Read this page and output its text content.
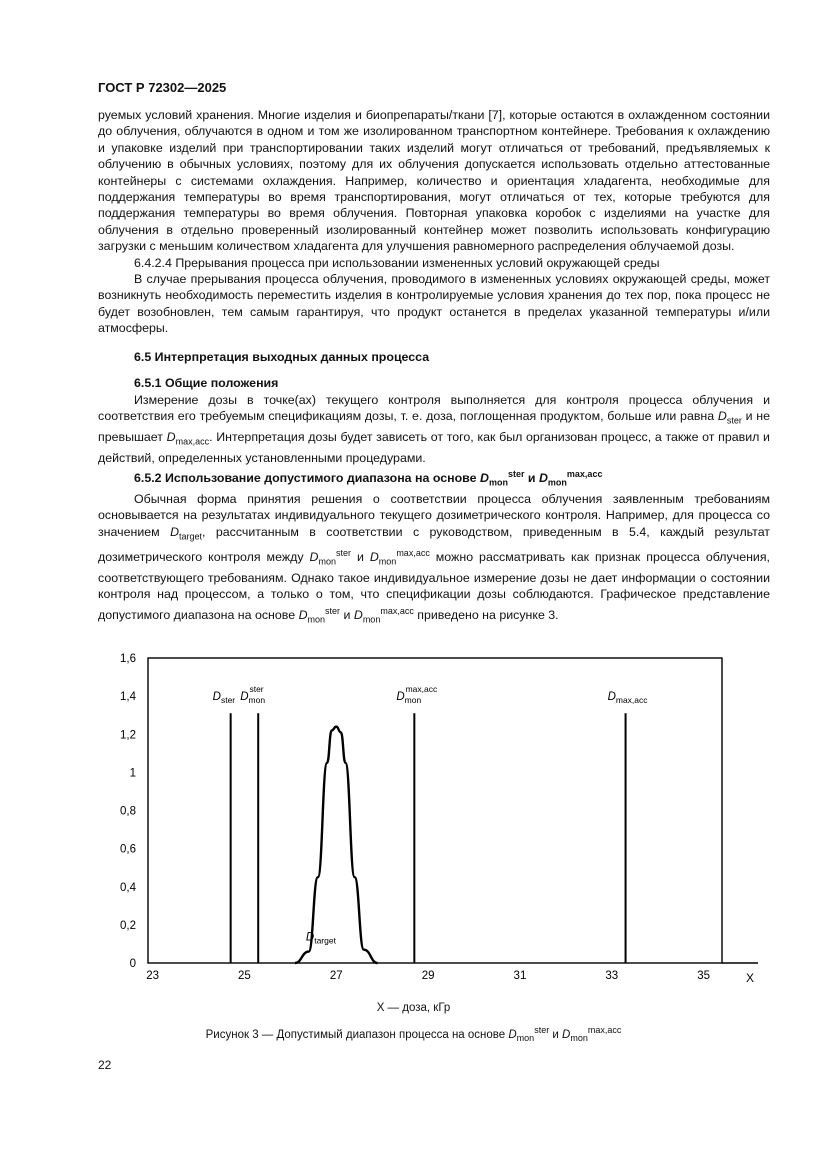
ГОСТ Р 72302—2025

руемых условий хранения. Многие изделия и биопрепараты/ткани [7], которые остаются в охлажденном состоянии до облучения, облучаются в одном и том же изолированном транспортном контейнере. Требования к охлаждению и упаковке изделий при транспортировании таких изделий могут отличаться от требований, предъявляемых к облучению в обычных условиях, поэтому для их облучения допускается использовать отдельно аттестованные контейнеры с системами охлаждения. Например, количество и ориентация хладагента, необходимые для поддержания температуры во время транспортирования, могут отличаться от тех, которые требуются для поддержания температуры во время облучения. Повторная упаковка коробок с изделиями на участке для облучения в отдельно проверенный изолированный контейнер может позволить использовать конфигурацию загрузки с меньшим количеством хладагента для улучшения равномерного распределения облучаемой дозы.

6.4.2.4 Прерывания процесса при использовании измененных условий окружающей среды

В случае прерывания процесса облучения, проводимого в измененных условиях окружающей среды, может возникнуть необходимость переместить изделия в контролируемые условия хранения до тех пор, пока процесс не будет возобновлен, тем самым гарантируя, что продукт останется в пределах указанной температуры и/или атмосферы.

6.5 Интерпретация выходных данных процесса

6.5.1 Общие положения

Измерение дозы в точке(ах) текущего контроля выполняется для контроля процесса облучения и соответствия его требуемым спецификациям дозы, т. е. доза, поглощенная продуктом, больше или равна $D_{ster}$ и не превышает $D_{max,acc}$. Интерпретация дозы будет зависеть от того, как был организован процесс, а также от правил и действий, определенных установленными процедурами.

6.5.2 Использование допустимого диапазона на основе $D_{mon}^{ster}$ и $D_{mon}^{max,acc}$

Обычная форма принятия решения о соответствии процесса облучения заявленным требованиям основывается на результатах индивидуального текущего дозиметрического контроля. Например, для процесса со значением $D_{target}$, рассчитанным в соответствии с руководством, приведенным в 5.4, каждый результат дозиметрического контроля между $D_{mon}^{ster}$ и $D_{mon}^{max,acc}$ можно рассматривать как признак процесса облучения, соответствующего требованиям. Однако такое индивидуальное измерение дозы не дает информации о состоянии контроля над процессом, а только о том, что спецификации дозы соблюдаются. Графическое представление допустимого диапазона на основе $D_{mon}^{ster}$ и $D_{mon}^{max,acc}$ приведено на рисунке 3.

X
0
0,2
0,4
0,6
0,8
1
1,2
1,4
1,6
23	25	27	29	31	33	35
$D_{ster}$ $D_{mon}ster$
$D_{mon}\max,acc$
$D_{max,acc}$
$D_{target}$
X — доза, кГр
Рисунок 3 — Допустимый диапазон процесса на основе $D_{mon}^{ster}$ и $D_{mon}^{max,acc}$
22
